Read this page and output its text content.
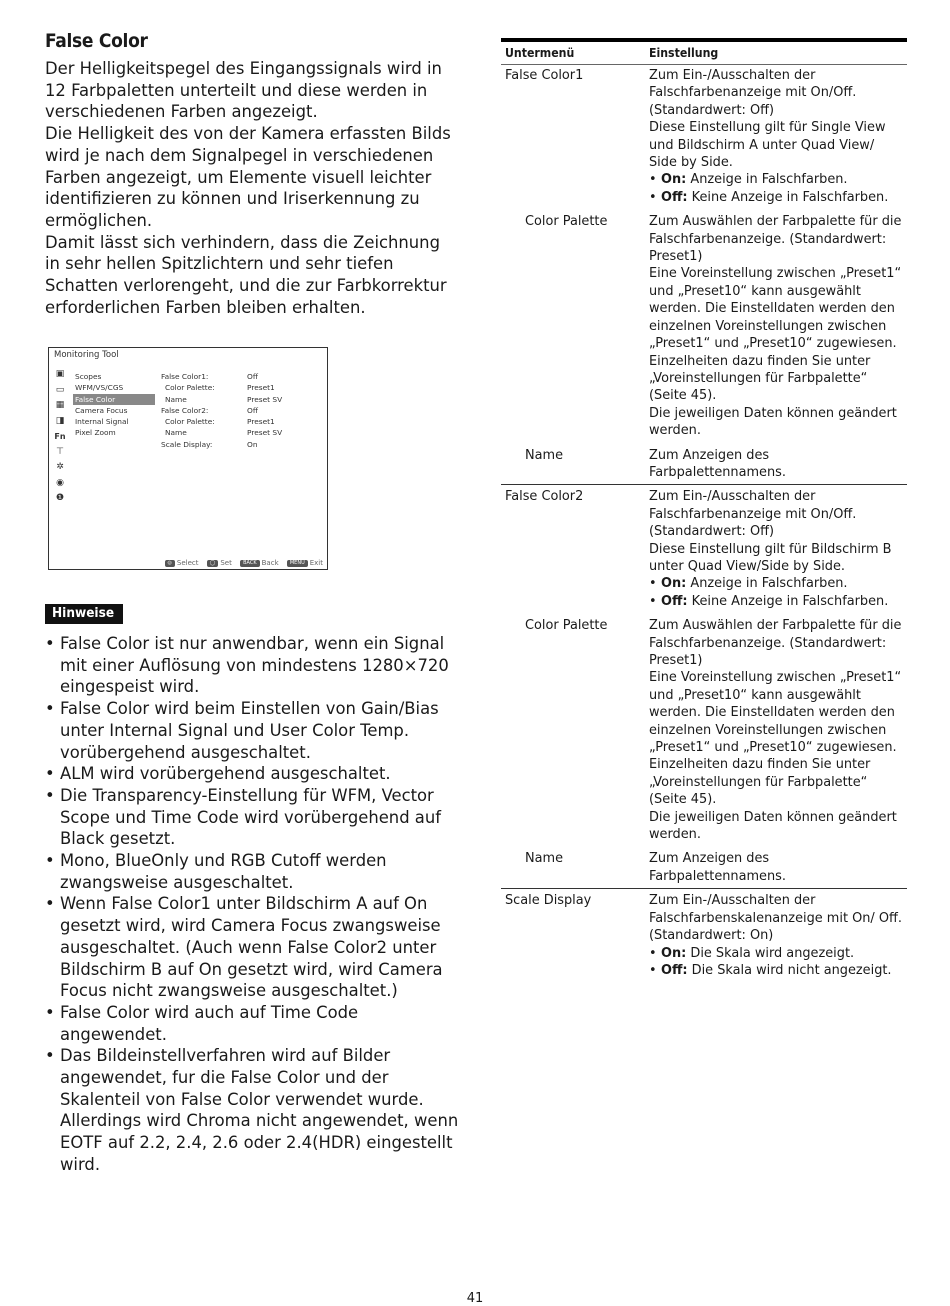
False Color

Der Helligkeitspegel des Eingangssignals wird in 12 Farbpaletten unterteilt und diese werden in verschiedenen Farben angezeigt.

Die Helligkeit des von der Kamera erfassten Bilds wird je nach dem Signalpegel in verschiedenen Farben angezeigt, um Elemente visuell leichter identifizieren zu können und Iriserkennung zu ermöglichen.

Damit lässt sich verhindern, dass die Zeichnung in sehr hellen Spitzlichtern und sehr tiefen Schatten verlorengeht, und die zur Farbkorrektur erforderlichen Farben bleiben erhalten.

Monitoring Tool
▣
▭
▦
◨
Fn
⊤
✲
◉
❶
Scopes
WFM/VS/CGS
False Color
Camera Focus
Internal Signal
Pixel Zoom
False Color1:	Off
Color Palette:	Preset1
Name	Preset SV
False Color2:	Off
Color Palette:	Preset1
Name	Preset SV
Scale Display:	On
◎ Select ◯ Set BACK Back MENU Exit
Hinweise
• False Color ist nur anwendbar, wenn ein Signal mit einer Auflösung von mindestens 1280×720 eingespeist wird.
• False Color wird beim Einstellen von Gain/Bias unter Internal Signal und User Color Temp. vorübergehend ausgeschaltet.
• ALM wird vorübergehend ausgeschaltet.
• Die Transparency-Einstellung für WFM, Vector Scope und Time Code wird vorübergehend auf Black gesetzt.
• Mono, BlueOnly und RGB Cutoff werden zwangsweise ausgeschaltet.
• Wenn False Color1 unter Bildschirm A auf On gesetzt wird, wird Camera Focus zwangsweise ausgeschaltet. (Auch wenn False Color2 unter Bildschirm B auf On gesetzt wird, wird Camera Focus nicht zwangsweise ausgeschaltet.)
• False Color wird auch auf Time Code angewendet.
• Das Bildeinstellverfahren wird auf Bilder angewendet, fur die False Color und der Skalenteil von False Color verwendet wurde. Allerdings wird Chroma nicht angewendet, wenn EOTF auf 2.2, 2.4, 2.6 oder 2.4(HDR) eingestellt wird.
Untermenü	Einstellung
False Color1	Zum Ein-/Ausschalten der Falschfarbenanzeige mit On/Off. (Standardwert: Off)

Diese Einstellung gilt für Single View und Bildschirm A unter Quad View/ Side by Side.

• On: Anzeige in Falschfarben.
• Off: Keine Anzeige in Falschfarben.
Color Palette	Zum Auswählen der Farbpalette für die Falschfarbenanzeige. (Standardwert: Preset1)

Eine Voreinstellung zwischen „Preset1“ und „Preset10“ kann ausgewählt werden. Die Einstelldaten werden den einzelnen Voreinstellungen zwischen „Preset1“ und „Preset10“ zugewiesen. Einzelheiten dazu finden Sie unter „Voreinstellungen für Farbpalette“ (Seite 45).

Die jeweiligen Daten können geändert werden.

Name	Zum Anzeigen des Farbpalettennamens.
False Color2	Zum Ein-/Ausschalten der Falschfarbenanzeige mit On/Off. (Standardwert: Off)

Diese Einstellung gilt für Bildschirm B unter Quad View/Side by Side.

• On: Anzeige in Falschfarben.
• Off: Keine Anzeige in Falschfarben.
Color Palette	Zum Auswählen der Farbpalette für die Falschfarbenanzeige. (Standardwert: Preset1)

Eine Voreinstellung zwischen „Preset1“ und „Preset10“ kann ausgewählt werden. Die Einstelldaten werden den einzelnen Voreinstellungen zwischen „Preset1“ und „Preset10“ zugewiesen. Einzelheiten dazu finden Sie unter „Voreinstellungen für Farbpalette“ (Seite 45).

Die jeweiligen Daten können geändert werden.

Name	Zum Anzeigen des Farbpalettennamens.
Scale Display	Zum Ein-/Ausschalten der Falschfarbenskalenanzeige mit On/ Off. (Standardwert: On)

• On: Die Skala wird angezeigt.
• Off: Die Skala wird nicht angezeigt.
41
